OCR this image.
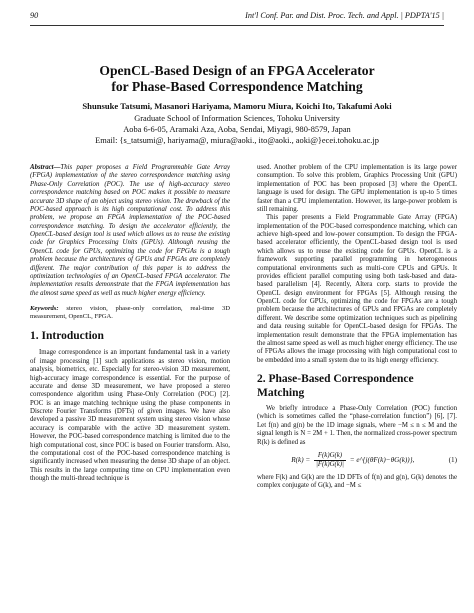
90	Int'l Conf. Par. and Dist. Proc. Tech. and Appl. | PDPTA'15 |
OpenCL-Based Design of an FPGA Accelerator
for Phase-Based Correspondence Matching
Shunsuke Tatsumi, Masanori Hariyama, Mamoru Miura, Koichi Ito, Takafumi Aoki
Graduate School of Information Sciences, Tohoku University
Aoba 6-6-05, Aramaki Aza, Aoba, Sendai, Miyagi, 980-8579, Japan
Email: {s_tatsumi@, hariyama@, miura@aoki., ito@aoki., aoki@}ecei.tohoku.ac.jp
Abstract—This paper proposes a Field Programmable Gate Array (FPGA) implementation of the stereo correspondence matching using Phase-Only Correlation (POC). The use of high-accuracy stereo correspondence matching based on POC makes it possible to measure accurate 3D shape of an object using stereo vision. The drawback of the POC-based approach is its high computational cost. To address this problem, we propose an FPGA implementation of the POC-based correspondence matching. To design the accelerator efficiently, the OpenCL-based design tool is used which allows us to reuse the existing code for Graphics Processing Units (GPUs). Although reusing the OpenCL code for GPUs, optimizing the code for FPGAs is a tough problem because the architectures of GPUs and FPGAs are completely different. The major contribution of this paper is to address the optimization technologies of an OpenCL-based FPGA accelerator. The implementation results demonstrate that the FPGA implementation has the almost same speed as well as much higher energy efficiency.
Keywords: stereo vision, phase-only correlation, real-time 3D measurement, OpenCL, FPGA.
1. Introduction

Image correspondence is an important fundamental task in a variety of image processing [1] such applications as stereo vision, motion analysis, biometrics, etc. Especially for stereo-vision 3D measurement, high-accuracy image correspondence is essential. For the purpose of accurate and dense 3D measurement, we have proposed a stereo correspondence algorithm using Phase-Only Correlation (POC) [2]. POC is an image matching technique using the phase components in Discrete Fourier Transforms (DFTs) of given images. We have also developed a passive 3D measurement system using stereo vision whose accuracy is comparable with the active 3D measurement system. However, the POC-based correspondence matching is limited due to the high computational cost, since POC is based on Fourier transform. Also, the computational cost of the POC-based correspondence matching is significantly increased when measuring the dense 3D shape of an object. This results in the large computing time on CPU implementation even though the multi-thread technique is

used. Another problem of the CPU implementation is its large power consumption. To solve this problem, Graphics Processing Unit (GPU) implementation of POC has been proposed [3] where the OpenCL language is used for design. The GPU implementation is up-to 5 times faster than a CPU implementation. However, its large-power problem is still remaining.

This paper presents a Field Programmable Gate Array (FPGA) implementation of the POC-based correspondence matching, which can achieve high-speed and low-power consumption. To design the FPGA-based accelerator efficiently, the OpenCL-based design tool is used which allows us to reuse the existing code for GPUs. OpenCL is a framework supporting parallel programming in heterogeneous computational environments such as multi-core CPUs and GPUs. It provides efficient parallel computing using both task-based and data-based parallelism [4]. Recently, Altera corp. starts to provide the OpenCL design environment for FPGAs [5]. Although reusing the OpenCL code for GPUs, optimizing the code for FPGAs are a tough problem because the architectures of GPUs and FPGAs are completely different. We describe some optimization techniques such as pipelining and data reusing suitable for OpenCL-based design for FPGAs. The implementation result demonstrate that the FPGA implementation has the almost same speed as well as much higher energy efficiency. The use of FPGAs allows the image processing with high computational cost to be embedded into a small system due to its high energy efficiency.

2. Phase-Based Correspondence Matching

We briefly introduce a Phase-Only Correlation (POC) function (which is sometimes called the “phase-correlation function”) [6], [7]. Let f(n) and g(n) be the 1D image signals, where −M ≤ n ≤ M and the signal length is N = 2M + 1. Then, the normalized cross-power spectrum R(k) is defined as

$R(k) = \frac{F(k)G(k)}{|F(k)G(k)|}$ = e^{j(θF(k)−θG(k))},	(1)

where F(k) and G(k) are the 1D DFTs of f(n) and g(n), G(k) denotes the complex conjugate of G(k), and −M ≤
